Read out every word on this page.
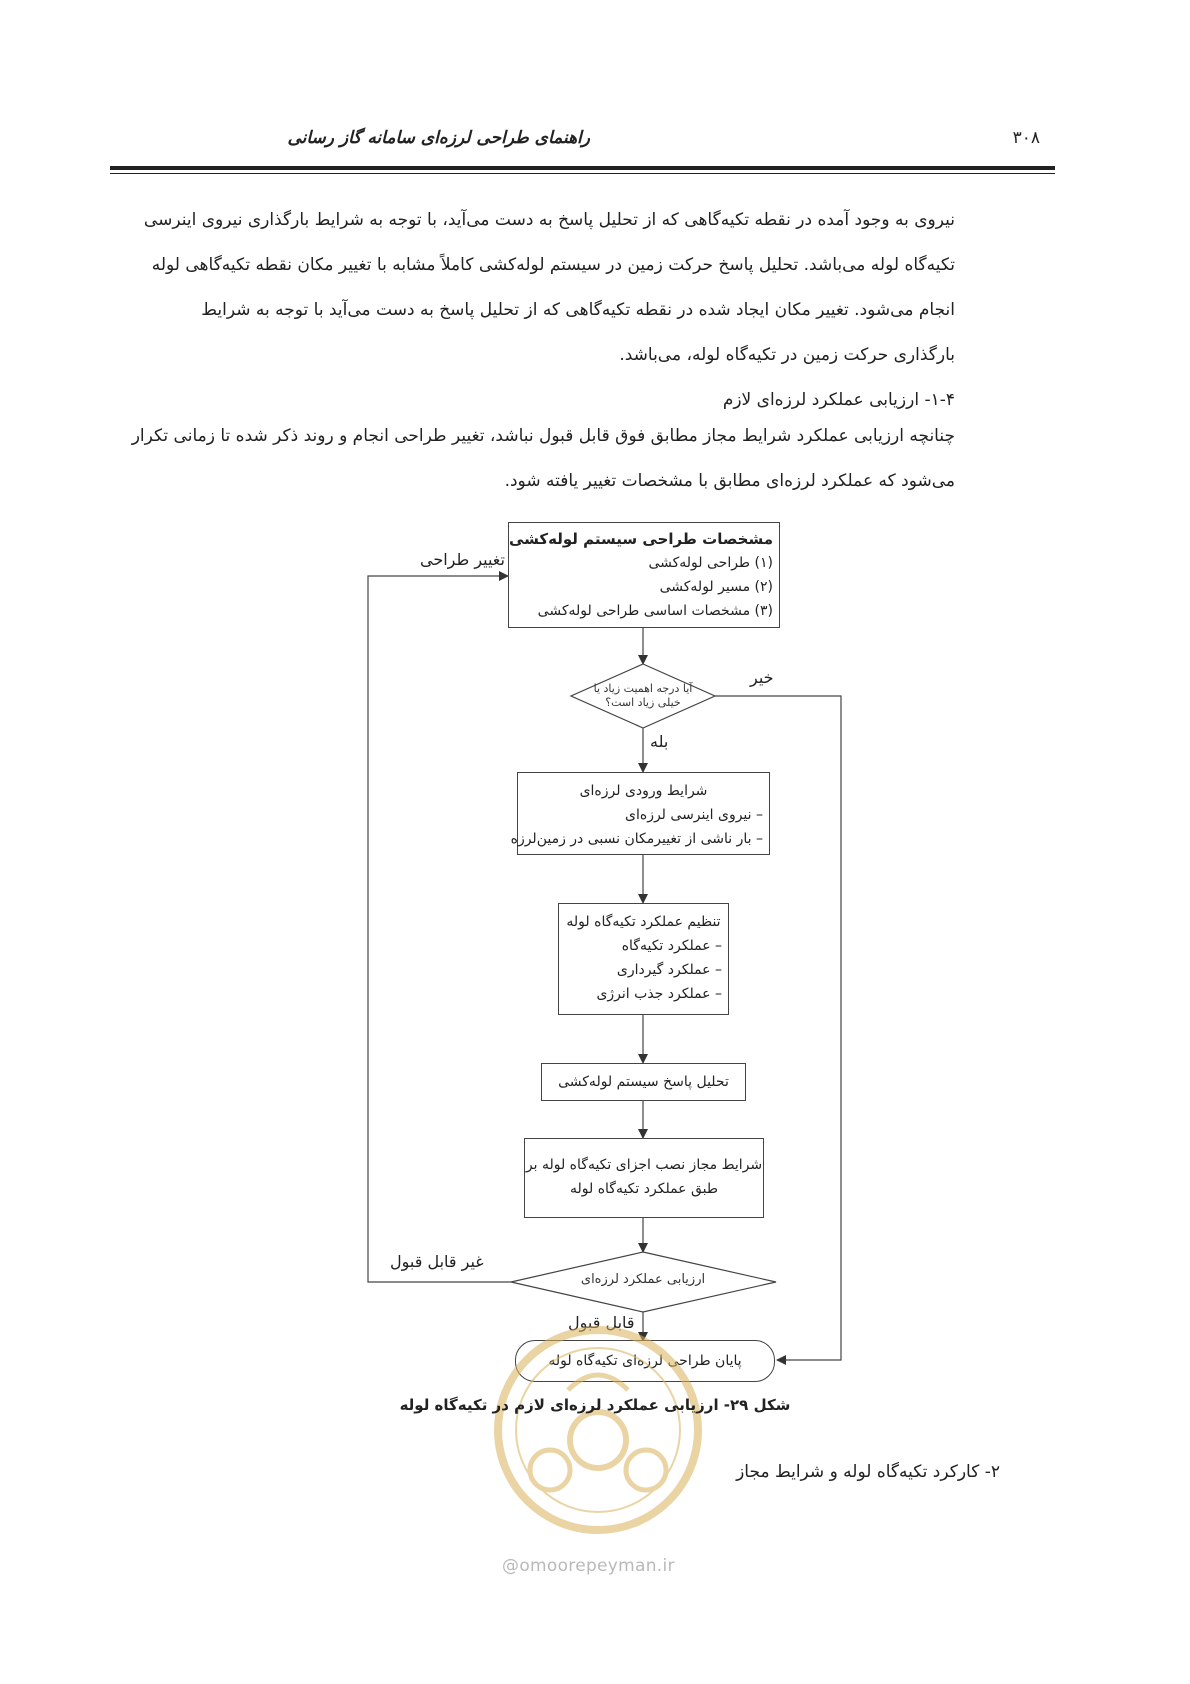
راهنمای طراحی لرزه‌ای سامانه گاز رسانی	۳۰۸
نیروی به وجود آمده در نقطه تکیه‌گاهی که از تحلیل پاسخ به دست می‌آید، با توجه به شرایط بارگذاری نیروی اینرسی
تکیه‌گاه لوله می‌باشد. تحلیل پاسخ حرکت زمین در سیستم لوله‌کشی کاملاً مشابه با تغییر مکان نقطه تکیه‌گاهی لوله
انجام می‌شود. تغییر مکان ایجاد شده در نقطه تکیه‌گاهی که از تحلیل پاسخ به دست می‌آید با توجه به شرایط
بارگذاری حرکت زمین در تکیه‌گاه لوله، می‌باشد.
۱-۴- ارزیابی عملکرد لرزه‌ای لازم
چنانچه ارزیابی عملکرد شرایط مجاز مطابق فوق قابل قبول نباشد، تغییر طراحی انجام و روند ذکر شده تا زمانی تکرار
می‌شود که عملکرد لرزه‌ای مطابق با مشخصات تغییر یافته شود.
مشخصات طراحی سیستم لوله‌کشی
(۱) طراحی لوله‌کشی
(۲) مسیر لوله‌کشی
(۳) مشخصات اساسی طراحی لوله‌کشی
تغییر طراحی
آیا درجه اهمیت زیاد یا
خیلی زیاد است؟
خیر
بله
شرایط ورودی لرزه‌ای
– نیروی اینرسی لرزه‌ای
– بار ناشی از تغییرمکان نسبی در زمین‌لرزه
تنظیم عملکرد تکیه‌گاه لوله
– عملکرد تکیه‌گاه
– عملکرد گیرداری
– عملکرد جذب انرژی
تحلیل پاسخ سیستم لوله‌کشی
شرایط مجاز نصب اجزای تکیه‌گاه لوله بر
طبق عملکرد تکیه‌گاه لوله
ارزیابی عملکرد لرزه‌ای
غیر قابل قبول
قابل قبول
پایان طراحی لرزه‌ای تکیه‌گاه لوله
شکل ۲۹- ارزیابی عملکرد لرزه‌ای لازم در تکیه‌گاه لوله
۲- کارکرد تکیه‌گاه لوله و شرایط مجاز
@omoorepeyman.ir
